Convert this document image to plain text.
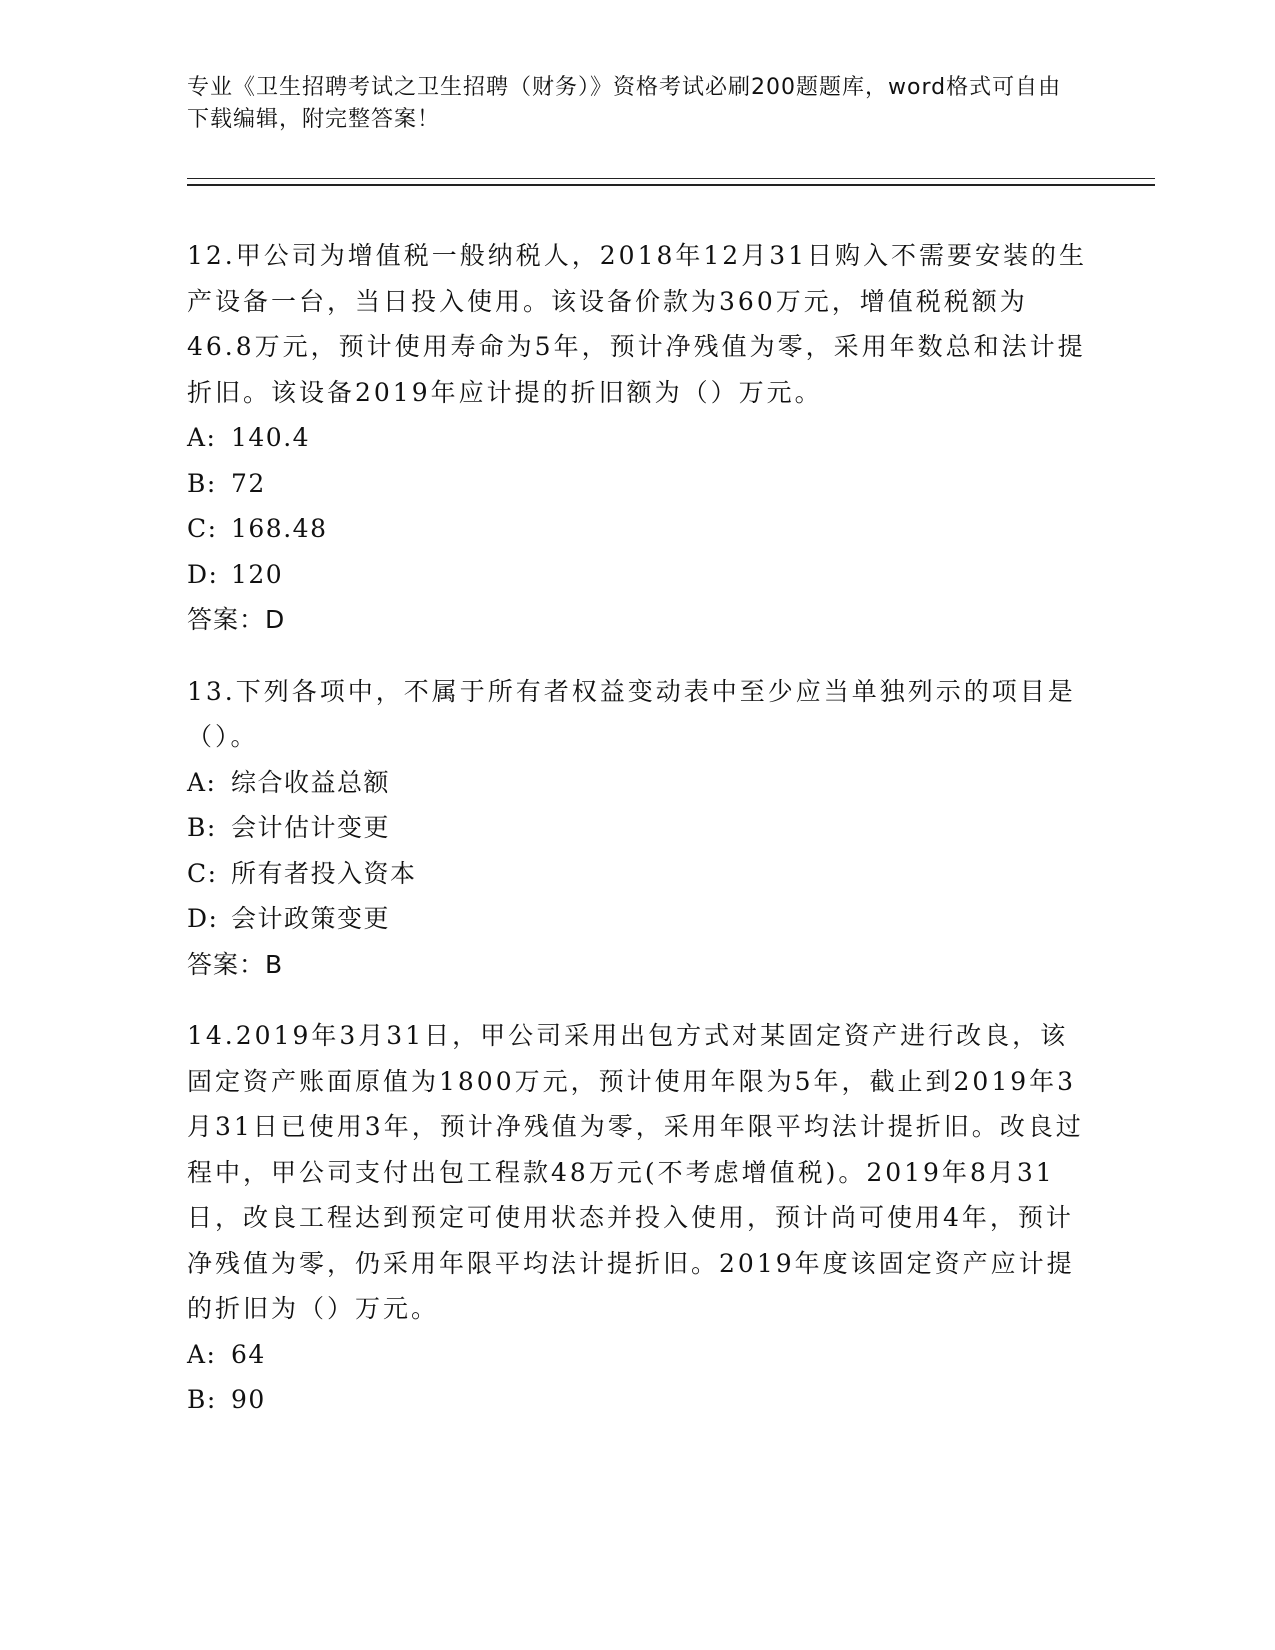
专业《卫生招聘考试之卫生招聘（财务）》资格考试必刷200题题库，word格式可自由下载编辑，附完整答案！

12.甲公司为增值税一般纳税人，2018年12月31日购入不需要安装的生产设备一台，当日投入使用。该设备价款为360万元，增值税税额为46.8万元，预计使用寿命为5年，预计净残值为零，采用年数总和法计提折旧。该设备2019年应计提的折旧额为（）万元。

A: 140.4

B: 72

C: 168.48

D: 120

答案：D

13.下列各项中，不属于所有者权益变动表中至少应当单独列示的项目是（）。

A: 综合收益总额

B: 会计估计变更

C: 所有者投入资本

D: 会计政策变更

答案：B

14.2019年3月31日，甲公司采用出包方式对某固定资产进行改良，该固定资产账面原值为1800万元，预计使用年限为5年，截止到2019年3月31日已使用3年，预计净残值为零，采用年限平均法计提折旧。改良过程中，甲公司支付出包工程款48万元(不考虑增值税)。2019年8月31日，改良工程达到预定可使用状态并投入使用，预计尚可使用4年，预计净残值为零，仍采用年限平均法计提折旧。2019年度该固定资产应计提的折旧为（）万元。

A: 64

B: 90
